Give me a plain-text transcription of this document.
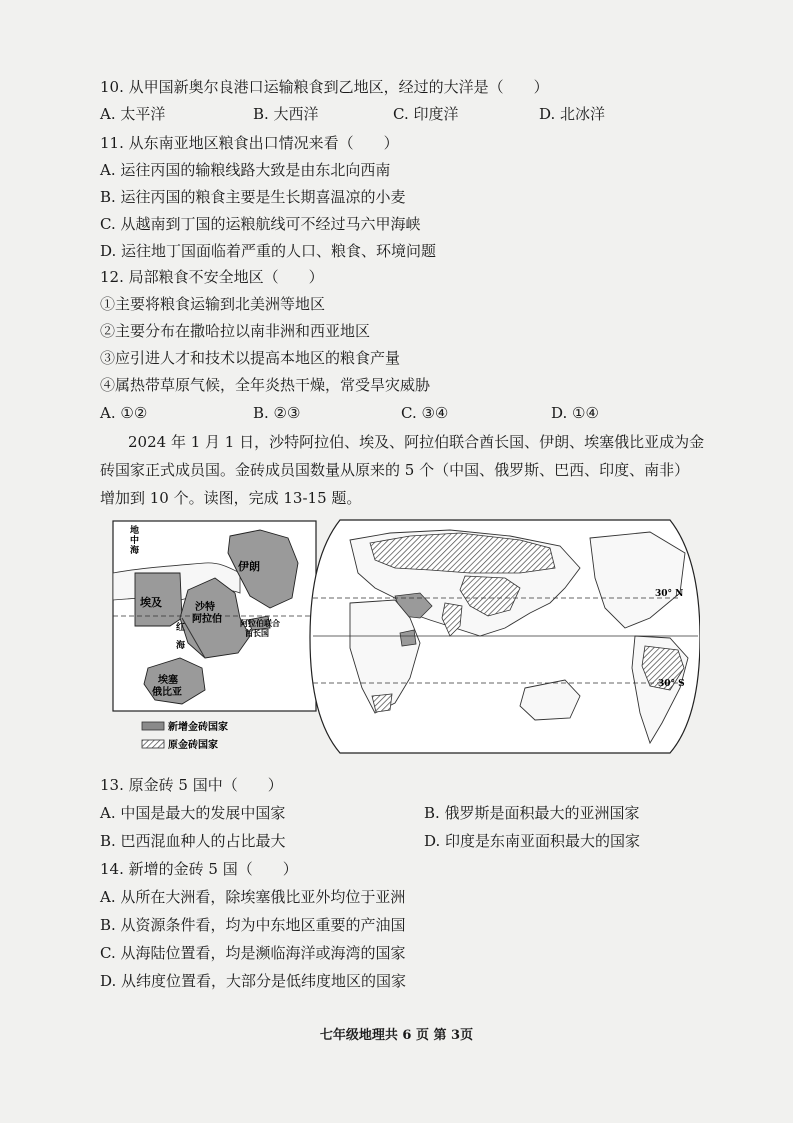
10. 从甲国新奥尔良港口运输粮食到乙地区，经过的大洋是（　　）
A. 太平洋	B. 大西洋	C. 印度洋	D. 北冰洋
11. 从东南亚地区粮食出口情况来看（　　）
A. 运往丙国的输粮线路大致是由东北向西南
B. 运往丙国的粮食主要是生长期喜温凉的小麦
C. 从越南到丁国的运粮航线可不经过马六甲海峡
D. 运往地丁国面临着严重的人口、粮食、环境问题
12. 局部粮食不安全地区（　　）
①主要将粮食运输到北美洲等地区
②主要分布在撒哈拉以南非洲和西亚地区
③应引进人才和技术以提高本地区的粮食产量
④属热带草原气候，全年炎热干燥，常受旱灾威胁
A. ①②	B. ②③	C. ③④	D. ①④

2024 年 1 月 1 日，沙特阿拉伯、埃及、阿拉伯联合酋长国、伊朗、埃塞俄比亚成为金

砖国家正式成员国。金砖成员国数量从原来的 5 个（中国、俄罗斯、巴西、印度、南非）

增加到 10 个。读图，完成 13-15 题。

地中海
埃及
伊朗
沙特阿拉伯 阿拉伯联合酋长国
红海
埃塞俄比亚
新增金砖国家
原金砖国家
30° N
30° S
13. 原金砖 5 国中（　　）
A. 中国是最大的发展中国家	B. 俄罗斯是面积最大的亚洲国家
B. 巴西混血种人的占比最大	D. 印度是东南亚面积最大的国家
14. 新增的金砖 5 国（　　）
A. 从所在大洲看，除埃塞俄比亚外均位于亚洲
B. 从资源条件看，均为中东地区重要的产油国
C. 从海陆位置看，均是濒临海洋或海湾的国家
D. 从纬度位置看，大部分是低纬度地区的国家
七年级地理共 6 页 第 3页
